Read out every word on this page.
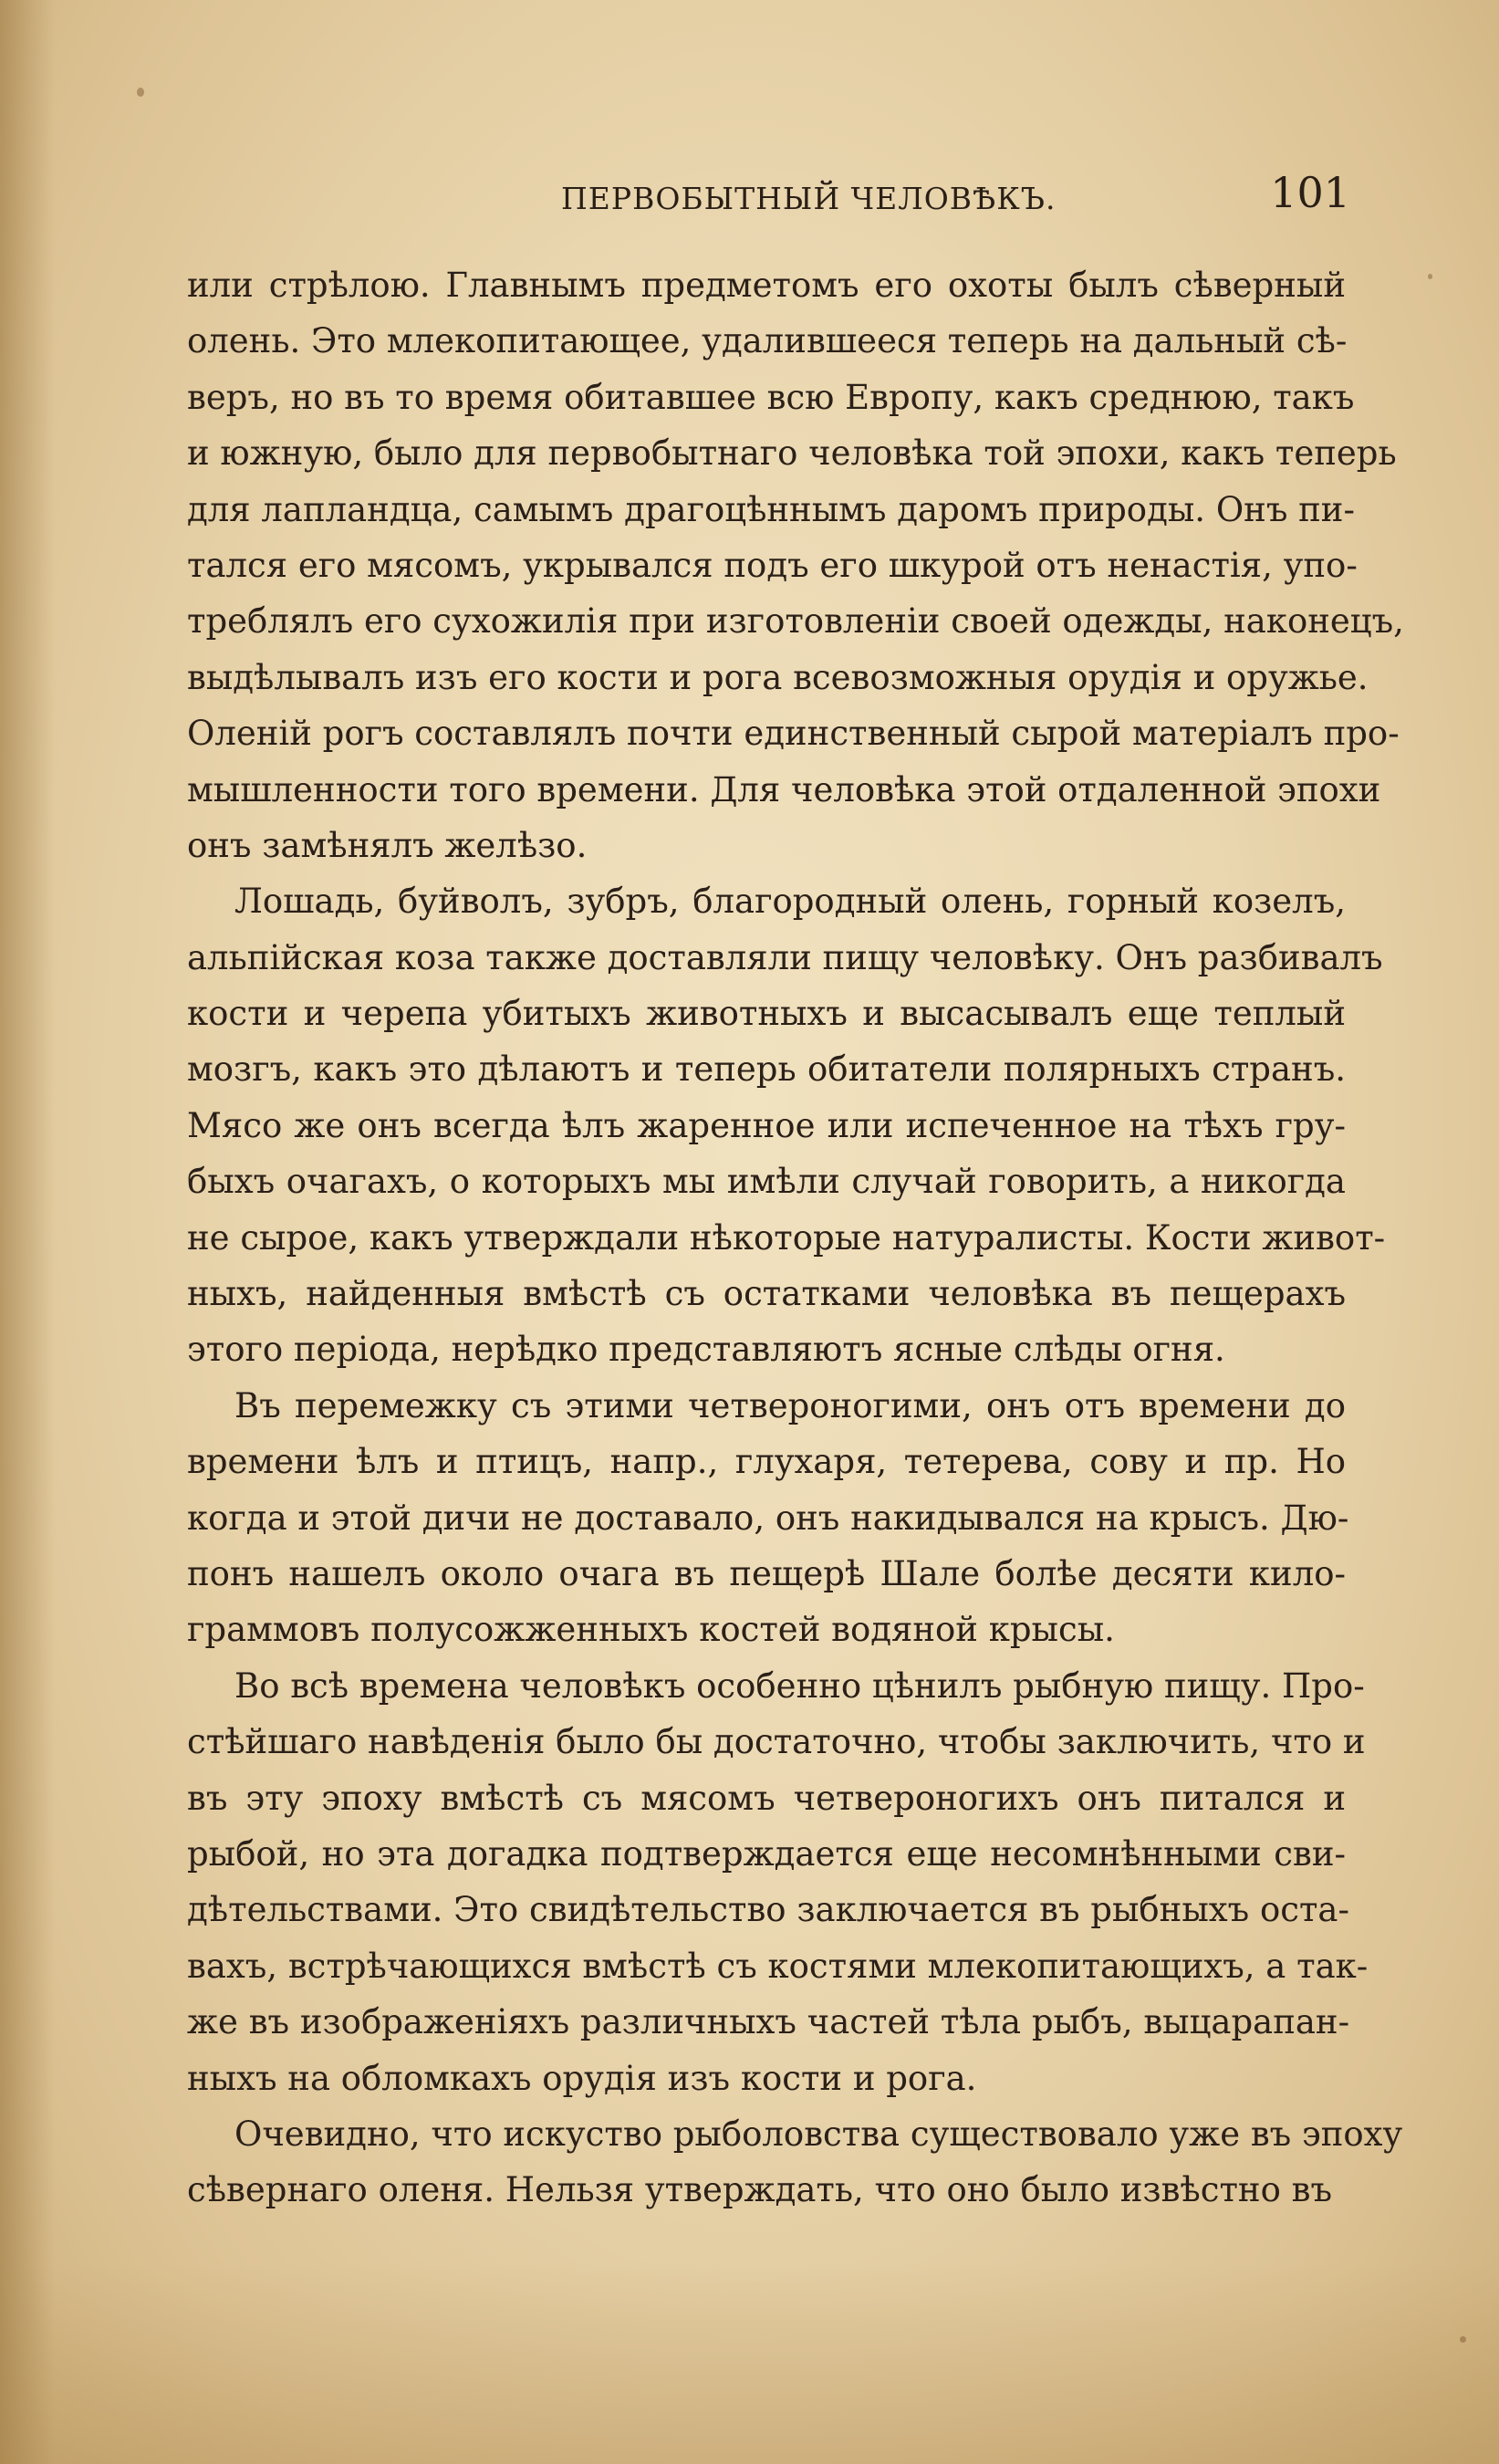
ПЕРВОБЫТНЫЙ ЧЕЛОВѢКЪ.	101
или стрѣлою. Главнымъ предметомъ его охоты былъ сѣверный
олень. Это млекопитающее, удалившееся теперь на дальный сѣ-
веръ, но въ то время обитавшее всю Европу, какъ среднюю, такъ
и южную, было для первобытнаго человѣка той эпохи, какъ теперь
для лапландца, самымъ драгоцѣннымъ даромъ природы. Онъ пи-
тался его мясомъ, укрывался подъ его шкурой отъ ненастія, упо-
треблялъ его сухожилія при изготовленіи своей одежды, наконецъ,
выдѣлывалъ изъ его кости и рога всевозможныя орудія и оружье.
Оленій рогъ составлялъ почти единственный сырой матеріалъ про-
мышленности того времени. Для человѣка этой отдаленной эпохи
онъ замѣнялъ желѣзо.
Лошадь, буйволъ, зубръ, благородный олень, горный козелъ,
альпійская коза также доставляли пищу человѣку. Онъ разбивалъ
кости и черепа убитыхъ животныхъ и высасывалъ еще теплый
мозгъ, какъ это дѣлаютъ и теперь обитатели полярныхъ странъ.
Мясо же онъ всегда ѣлъ жаренное или испеченное на тѣхъ гру-
быхъ очагахъ, о которыхъ мы имѣли случай говорить, а никогда
не сырое, какъ утверждали нѣкоторые натуралисты. Кости живот-
ныхъ, найденныя вмѣстѣ съ остатками человѣка въ пещерахъ
этого періода, нерѣдко представляютъ ясные слѣды огня.
Въ перемежку съ этими четвероногими, онъ отъ времени до
времени ѣлъ и птицъ, напр., глухаря, тетерева, сову и пр. Но
когда и этой дичи не доставало, онъ накидывался на крысъ. Дю-
понъ нашелъ около очага въ пещерѣ Шале болѣе десяти кило-
граммовъ полусожженныхъ костей водяной крысы.
Во всѣ времена человѣкъ особенно цѣнилъ рыбную пищу. Про-
стѣйшаго навѣденія было бы достаточно, чтобы заключить, что и
въ эту эпоху вмѣстѣ съ мясомъ четвероногихъ онъ питался и
рыбой, но эта догадка подтверждается еще несомнѣнными сви-
дѣтельствами. Это свидѣтельство заключается въ рыбныхъ оста-
вахъ, встрѣчающихся вмѣстѣ съ костями млекопитающихъ, а так-
же въ изображеніяхъ различныхъ частей тѣла рыбъ, выцарапан-
ныхъ на обломкахъ орудія изъ кости и рога.
Очевидно, что искуство рыболовства существовало уже въ эпоху
сѣвернаго оленя. Нельзя утверждать, что оно было извѣстно въ
